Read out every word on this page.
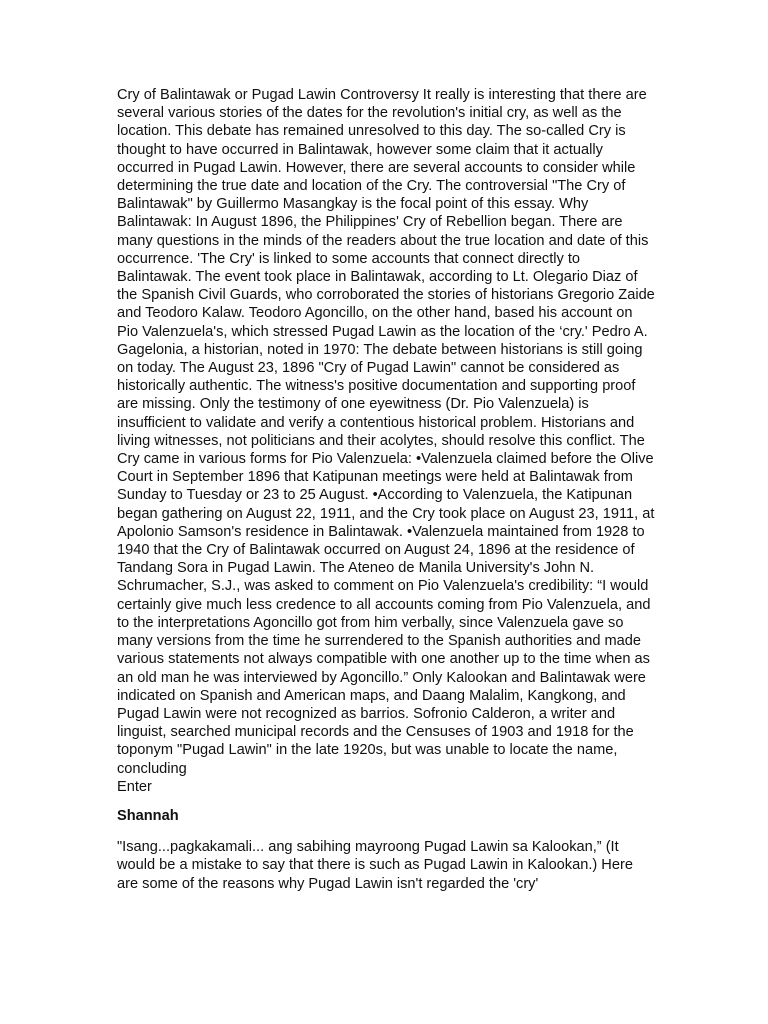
Cry of Balintawak or Pugad Lawin Controversy It really is interesting that there are several various stories of the dates for the revolution's initial cry, as well as the location. This debate has remained unresolved to this day. The so-called Cry is thought to have occurred in Balintawak, however some claim that it actually occurred in Pugad Lawin. However, there are several accounts to consider while determining the true date and location of the Cry. The controversial "The Cry of Balintawak" by Guillermo Masangkay is the focal point of this essay. Why Balintawak: In August 1896, the Philippines' Cry of Rebellion began. There are many questions in the minds of the readers about the true location and date of this occurrence. 'The Cry' is linked to some accounts that connect directly to Balintawak. The event took place in Balintawak, according to Lt. Olegario Diaz of the Spanish Civil Guards, who corroborated the stories of historians Gregorio Zaide and Teodoro Kalaw. Teodoro Agoncillo, on the other hand, based his account on Pio Valenzuela's, which stressed Pugad Lawin as the location of the ‘cry.' Pedro A. Gagelonia, a historian, noted in 1970: The debate between historians is still going on today. The August 23, 1896 "Cry of Pugad Lawin" cannot be considered as historically authentic. The witness's positive documentation and supporting proof are missing. Only the testimony of one eyewitness (Dr. Pio Valenzuela) is insufficient to validate and verify a contentious historical problem. Historians and living witnesses, not politicians and their acolytes, should resolve this conflict. The Cry came in various forms for Pio Valenzuela: •Valenzuela claimed before the Olive Court in September 1896 that Katipunan meetings were held at Balintawak from Sunday to Tuesday or 23 to 25 August. •According to Valenzuela, the Katipunan began gathering on August 22, 1911, and the Cry took place on August 23, 1911, at Apolonio Samson's residence in Balintawak. •Valenzuela maintained from 1928 to 1940 that the Cry of Balintawak occurred on August 24, 1896 at the residence of Tandang Sora in Pugad Lawin. The Ateneo de Manila University's John N. Schrumacher, S.J., was asked to comment on Pio Valenzuela's credibility: “I would certainly give much less credence to all accounts coming from Pio Valenzuela, and to the interpretations Agoncillo got from him verbally, since Valenzuela gave so many versions from the time he surrendered to the Spanish authorities and made various statements not always compatible with one another up to the time when as an old man he was interviewed by Agoncillo.” Only Kalookan and Balintawak were indicated on Spanish and American maps, and Daang Malalim, Kangkong, and Pugad Lawin were not recognized as barrios. Sofronio Calderon, a writer and linguist, searched municipal records and the Censuses of 1903 and 1918 for the toponym "Pugad Lawin" in the late 1920s, but was unable to locate the name, concluding

Enter
Shannah

"Isang...pagkakamali... ang sabihing mayroong Pugad Lawin sa Kalookan,” (It would be a mistake to say that there is such as Pugad Lawin in Kalookan.) Here are some of the reasons why Pugad Lawin isn't regarded the 'cry'
